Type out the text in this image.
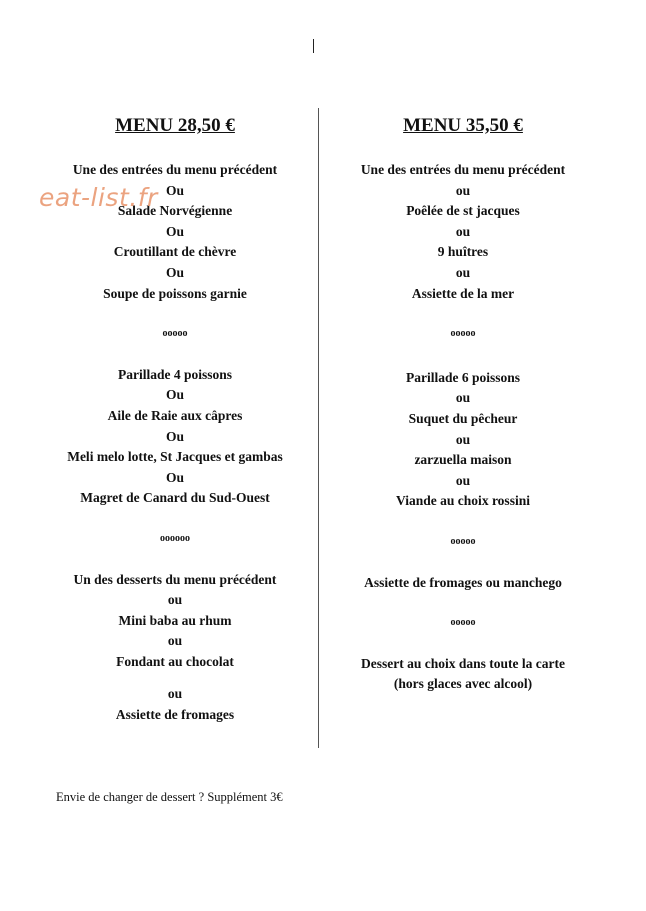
MENU 28,50 €
Une des entrées du menu précédent
Ou
Salade Norvégienne
Ou
Croutillant de chèvre
Ou
Soupe de poissons garnie
ooooo
Parillade 4 poissons
Ou
Aile de Raie aux câpres
Ou
Meli melo lotte, St Jacques et gambas
Ou
Magret de Canard du Sud-Ouest
oooooo
Un des desserts du menu précédent
ou
Mini baba au rhum
ou
Fondant au chocolat
ou
Assiette de fromages
MENU 35,50 €
Une des entrées du menu précédent
ou
Poêlée de st jacques
ou
9 huîtres
ou
Assiette de la mer
ooooo
Parillade 6 poissons
ou
Suquet du pêcheur
ou
zarzuella maison
ou
Viande au choix rossini
ooooo
Assiette de fromages ou manchego
ooooo
Dessert au choix dans toute la carte
(hors glaces avec alcool)
eat-list.fr
Envie de changer de dessert ? Supplément 3€
